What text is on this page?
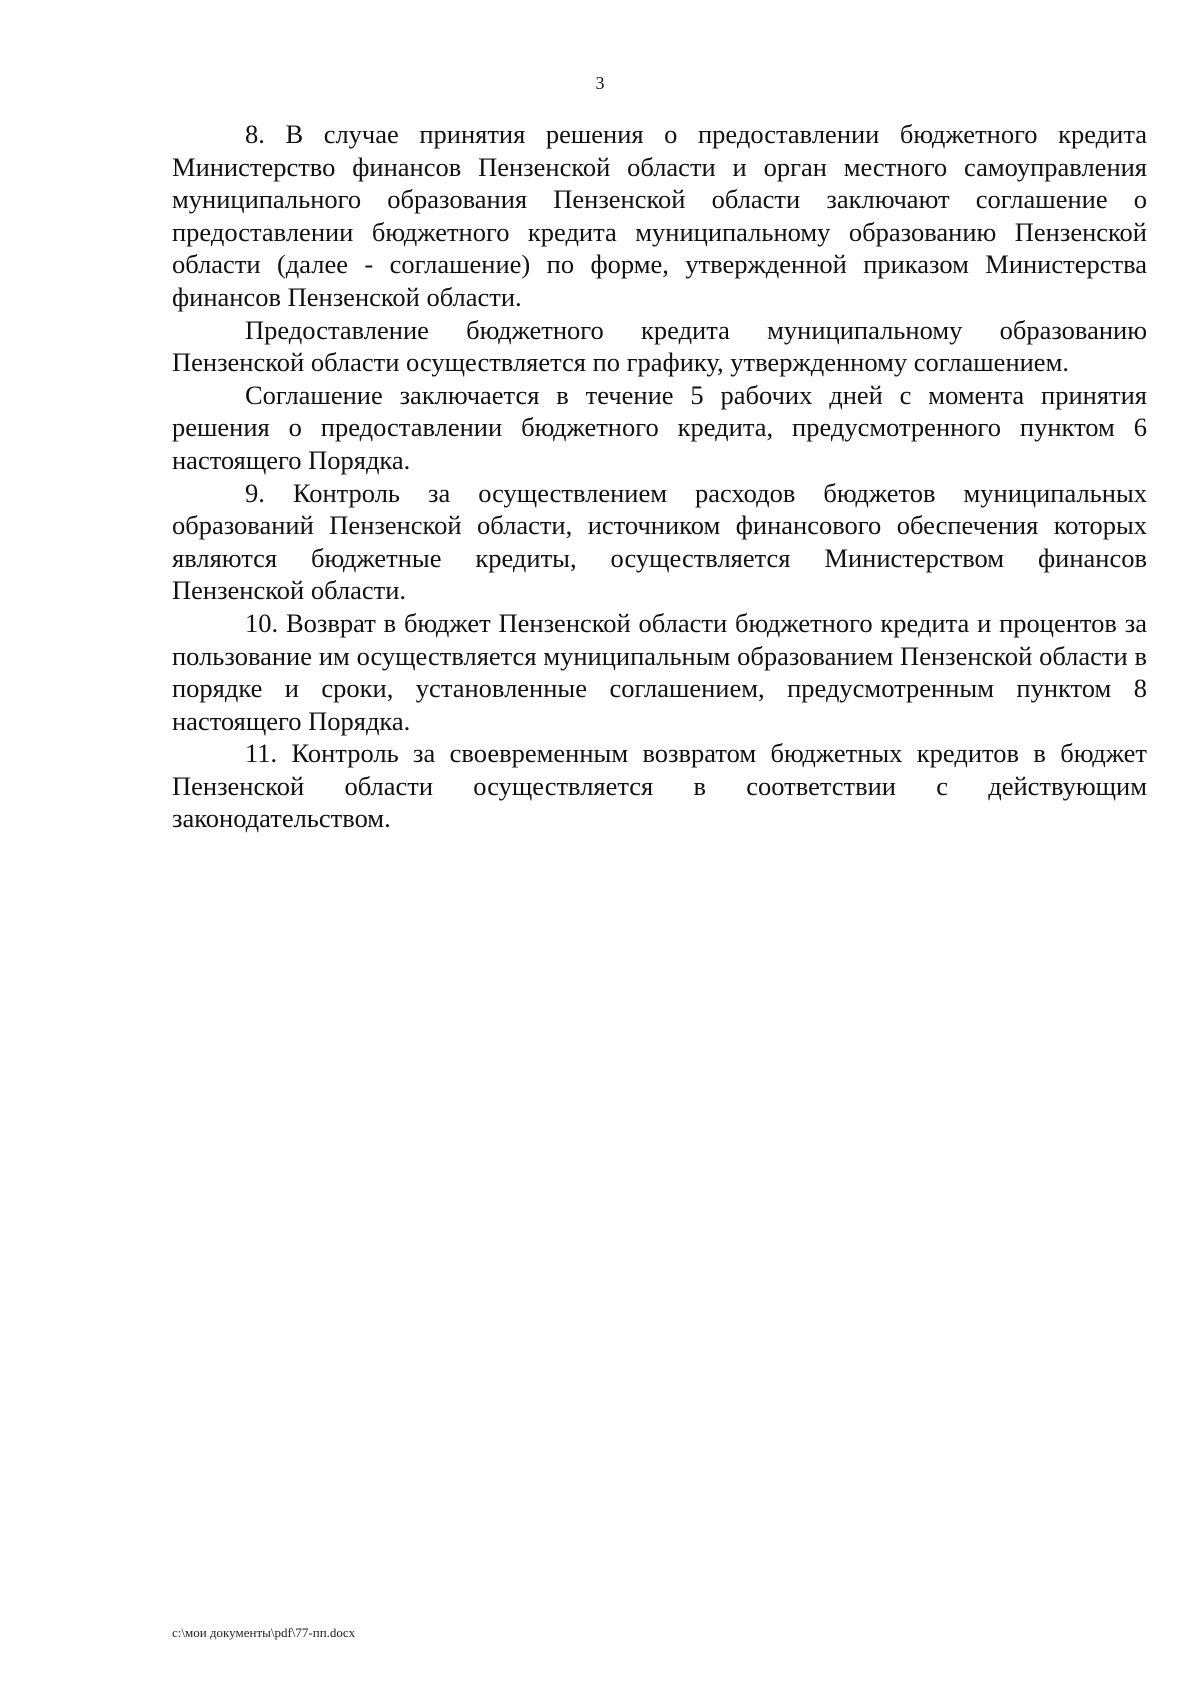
3

8. В случае принятия решения о предоставлении бюджетного кредита Министерство финансов Пензенской области и орган местного самоуправления муниципального образования Пензенской области заключают соглашение о предоставлении бюджетного кредита муниципальному образованию Пензенской области (далее - соглашение) по форме, утвержденной приказом Министерства финансов Пензенской области.

Предоставление бюджетного кредита муниципальному образованию Пензенской области осуществляется по графику, утвержденному соглашением.

Соглашение заключается в течение 5 рабочих дней с момента принятия решения о предоставлении бюджетного кредита, предусмотренного пунктом 6 настоящего Порядка.

9. Контроль за осуществлением расходов бюджетов муниципальных образований Пензенской области, источником финансового обеспечения которых являются бюджетные кредиты, осуществляется Министерством финансов Пензенской области.

10. Возврат в бюджет Пензенской области бюджетного кредита и процентов за пользование им осуществляется муниципальным образованием Пензенской области в порядке и сроки, установленные соглашением, предусмотренным пунктом 8 настоящего Порядка.

11. Контроль за своевременным возвратом бюджетных кредитов в бюджет Пензенской области осуществляется в соответствии с действующим законодательством.

c:\мои документы\pdf\77-пп.docx
